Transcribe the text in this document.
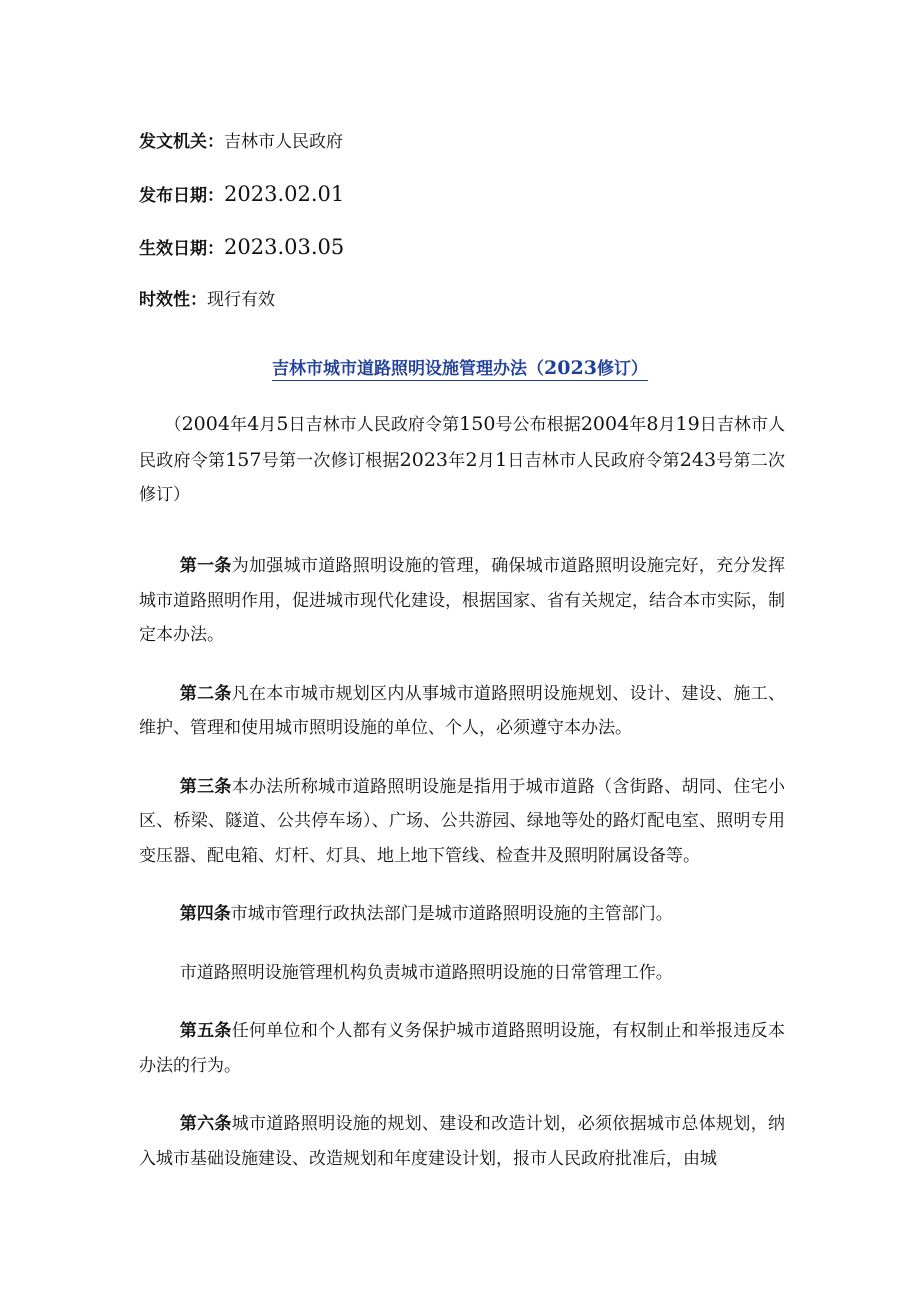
发文机关：吉林市人民政府
发布日期：2023.02.01
生效日期：2023.03.05
时效性：现行有效
吉林市城市道路照明设施管理办法（2023修订）

（2004年4月5日吉林市人民政府令第150号公布根据2004年8月19日吉林市人民政府令第157号第一次修订根据2023年2月1日吉林市人民政府令第243号第二次修订）

第一条为加强城市道路照明设施的管理，确保城市道路照明设施完好，充分发挥城市道路照明作用，促进城市现代化建设，根据国家、省有关规定，结合本市实际，制定本办法。

第二条凡在本市城市规划区内从事城市道路照明设施规划、设计、建设、施工、维护、管理和使用城市照明设施的单位、个人，必须遵守本办法。

第三条本办法所称城市道路照明设施是指用于城市道路（含街路、胡同、住宅小区、桥梁、隧道、公共停车场）、广场、公共游园、绿地等处的路灯配电室、照明专用变压器、配电箱、灯杆、灯具、地上地下管线、检查井及照明附属设备等。

第四条市城市管理行政执法部门是城市道路照明设施的主管部门。

市道路照明设施管理机构负责城市道路照明设施的日常管理工作。

第五条任何单位和个人都有义务保护城市道路照明设施，有权制止和举报违反本办法的行为。

第六条城市道路照明设施的规划、建设和改造计划，必须依据城市总体规划，纳入城市基础设施建设、改造规划和年度建设计划，报市人民政府批准后，由城
